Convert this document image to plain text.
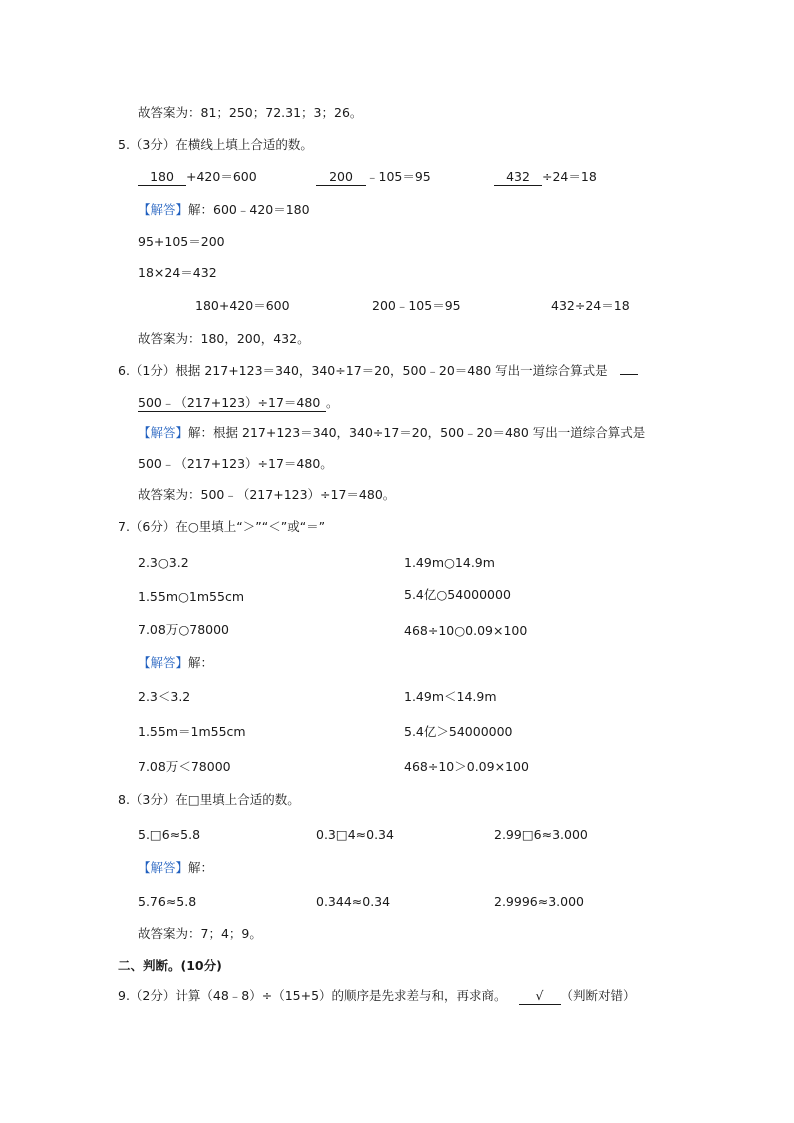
故答案为：81；250；72.31；3；26。
5.（3分）在横线上填上合适的数。
180 +420＝600	200 ﹣105＝95	432 ÷24＝18
【解答】解：600﹣420＝180
95+105＝200
18×24＝432
180+420＝600	200﹣105＝95	432÷24＝18
故答案为：180，200，432。
6.（1分）根据 217+123＝340，340÷17＝20，500﹣20＝480 写出一道综合算式是
500﹣（217+123）÷17＝480 。
【解答】解：根据 217+123＝340，340÷17＝20，500﹣20＝480 写出一道综合算式是
500﹣（217+123）÷17＝480。
故答案为：500﹣（217+123）÷17＝480。
7.（6分）在○里填上“＞”“＜”或“＝”
2.3○3.2	1.49m○14.9m
1.55m○1m55cm	5.4亿○54000000
7.08万○78000	468÷10○0.09×100
【解答】解：
2.3＜3.2	1.49m＜14.9m
1.55m＝1m55cm	5.4亿＞54000000
7.08万＜78000	468÷10＞0.09×100
8.（3分）在□里填上合适的数。
5.□6≈5.8	0.3□4≈0.34	2.99□6≈3.000
【解答】解：
5.76≈5.8	0.344≈0.34	2.9996≈3.000
故答案为：7；4；9。
二、判断。(10分)
9.（2分）计算（48﹣8）÷（15+5）的顺序是先求差与和，再求商。 √ （判断对错）
